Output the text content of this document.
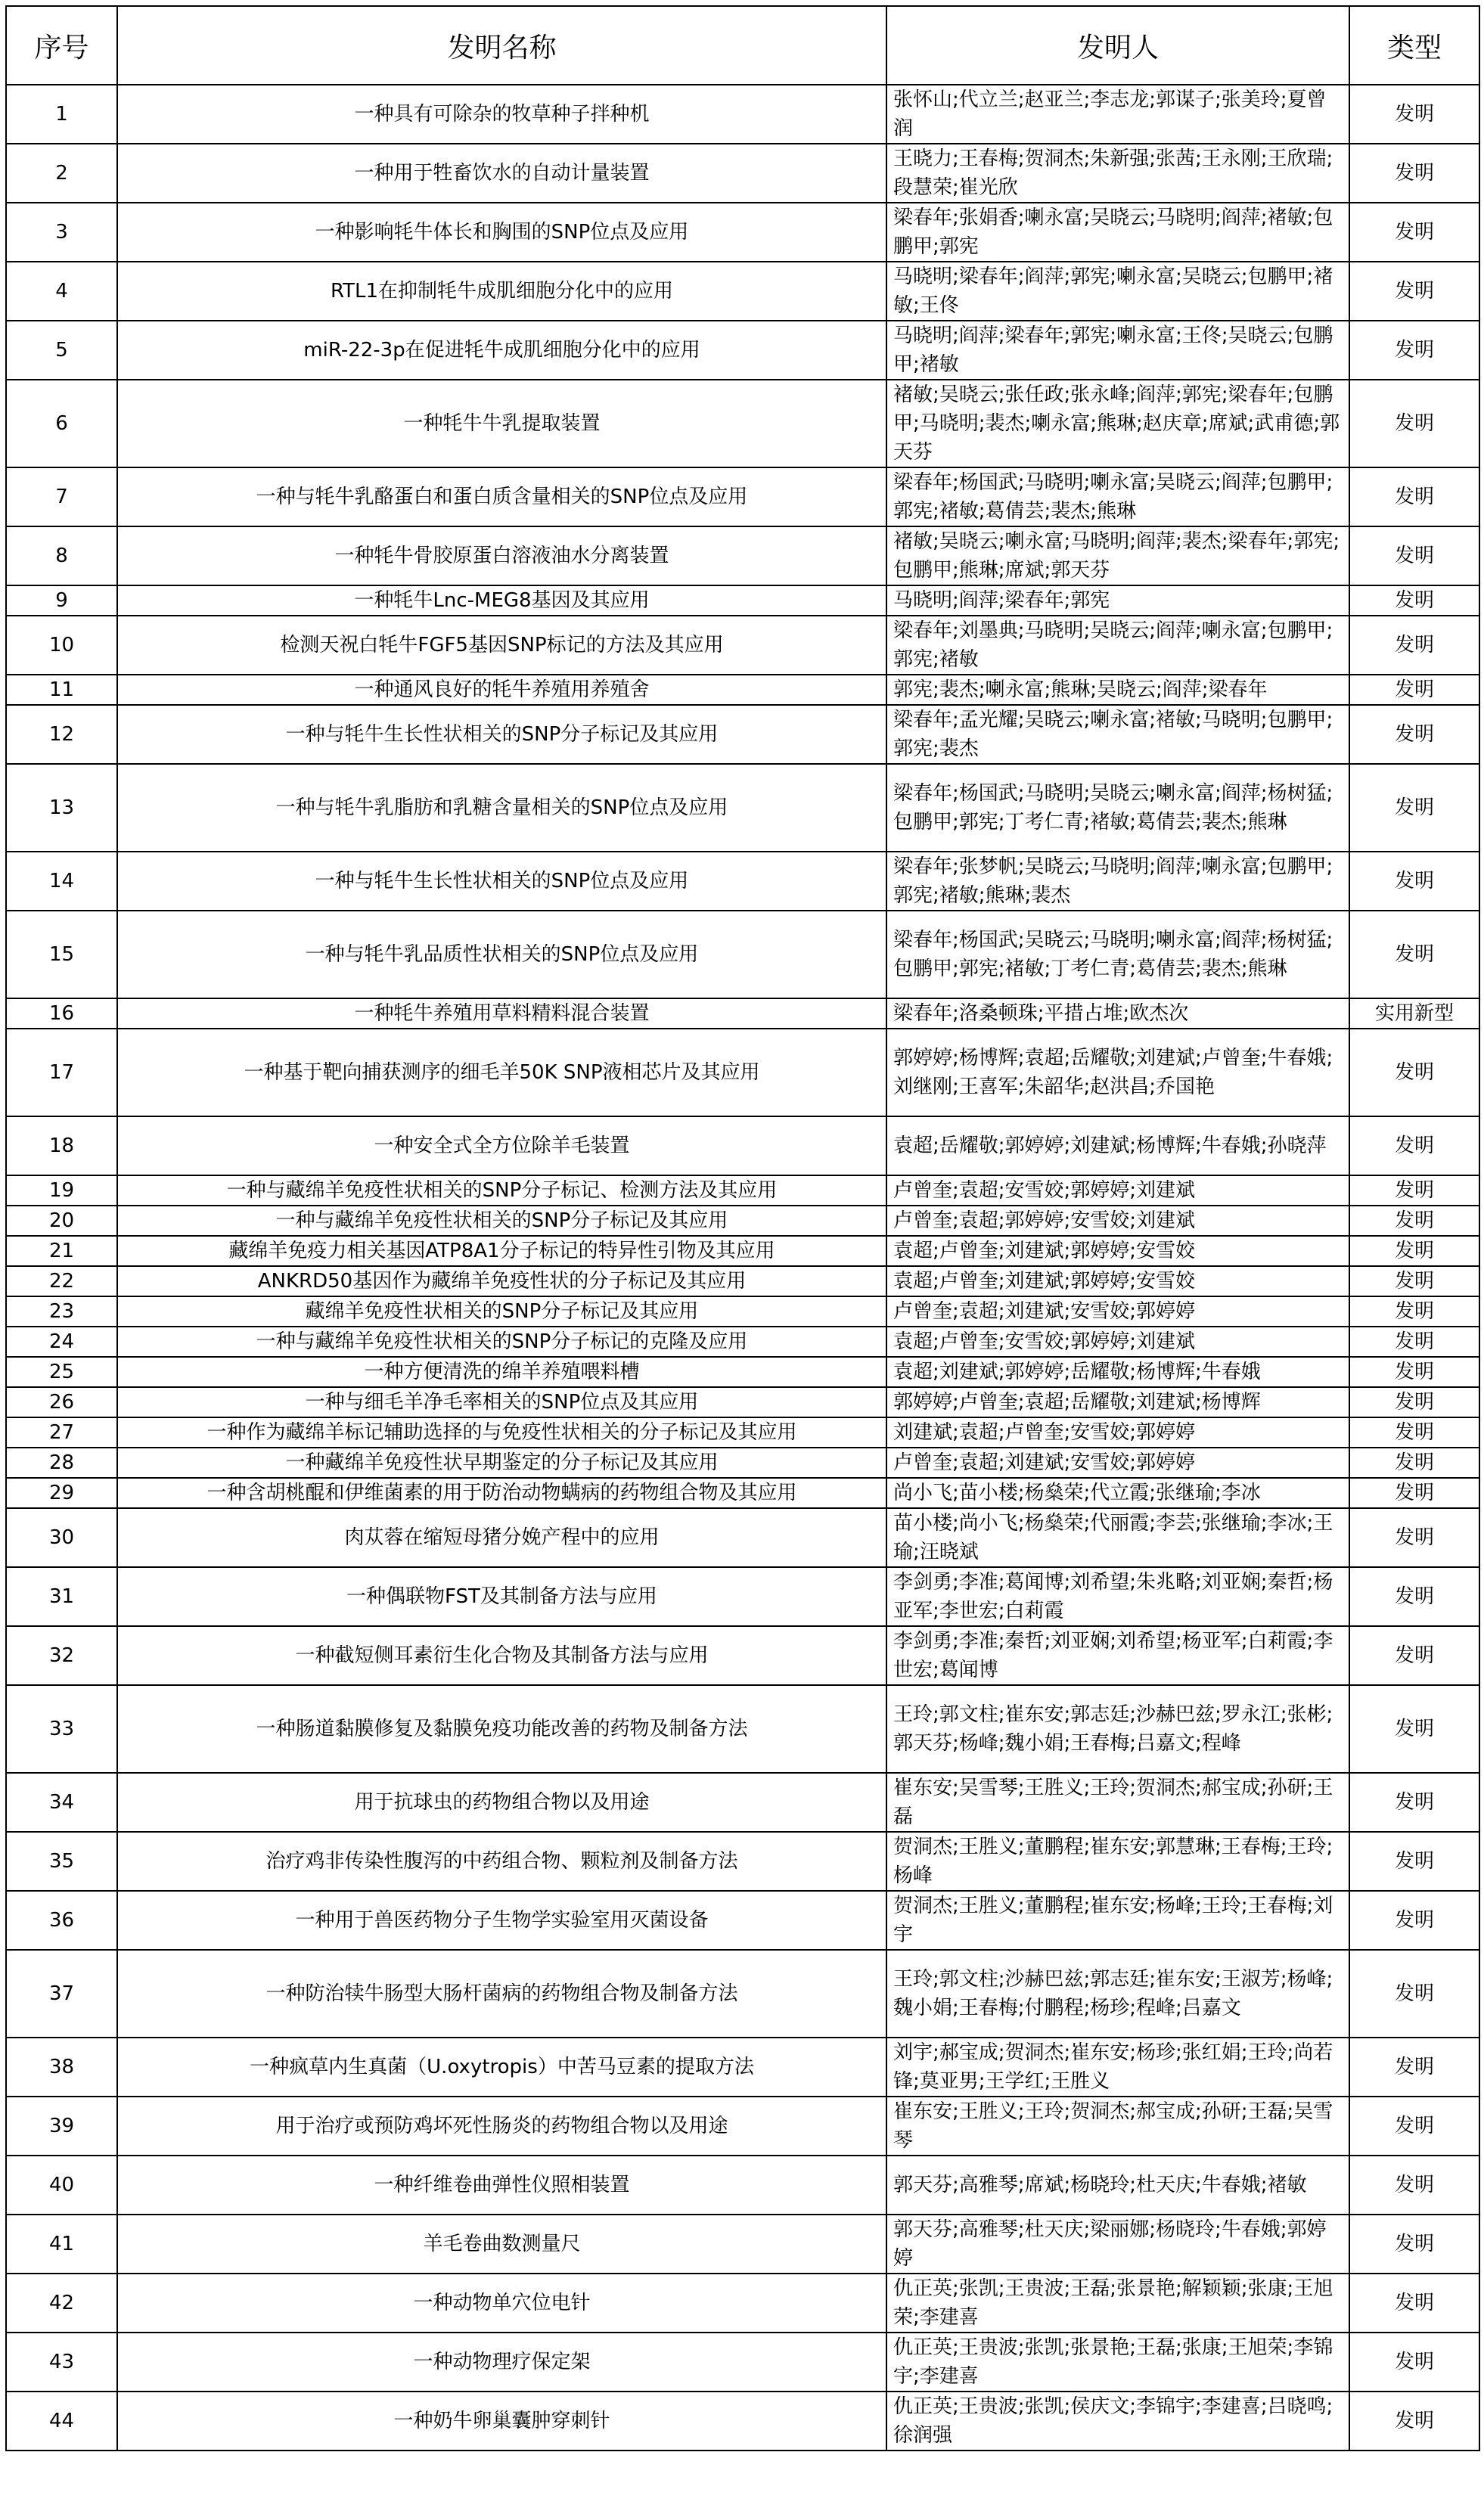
序号	发明名称	发明人	类型
1	一种具有可除杂的牧草种子拌种机	张怀山;代立兰;赵亚兰;李志龙;郭谋子;张美玲;夏曾润	发明
2	一种用于牲畜饮水的自动计量装置	王晓力;王春梅;贺洞杰;朱新强;张茜;王永刚;王欣瑞;段慧荣;崔光欣	发明
3	一种影响牦牛体长和胸围的SNP位点及应用	梁春年;张娟香;喇永富;吴晓云;马晓明;阎萍;褚敏;包鹏甲;郭宪	发明
4	RTL1在抑制牦牛成肌细胞分化中的应用	马晓明;梁春年;阎萍;郭宪;喇永富;吴晓云;包鹏甲;褚敏;王佟	发明
5	miR-22-3p在促进牦牛成肌细胞分化中的应用	马晓明;阎萍;梁春年;郭宪;喇永富;王佟;吴晓云;包鹏甲;褚敏	发明
6	一种牦牛牛乳提取装置	褚敏;吴晓云;张任政;张永峰;阎萍;郭宪;梁春年;包鹏甲;马晓明;裴杰;喇永富;熊琳;赵庆章;席斌;武甫德;郭天芬	发明
7	一种与牦牛乳酪蛋白和蛋白质含量相关的SNP位点及应用	梁春年;杨国武;马晓明;喇永富;吴晓云;阎萍;包鹏甲;郭宪;褚敏;葛倩芸;裴杰;熊琳	发明
8	一种牦牛骨胶原蛋白溶液油水分离装置	褚敏;吴晓云;喇永富;马晓明;阎萍;裴杰;梁春年;郭宪;包鹏甲;熊琳;席斌;郭天芬	发明
9	一种牦牛Lnc-MEG8基因及其应用	马晓明;阎萍;梁春年;郭宪	发明
10	检测天祝白牦牛FGF5基因SNP标记的方法及其应用	梁春年;刘墨典;马晓明;吴晓云;阎萍;喇永富;包鹏甲;郭宪;褚敏	发明
11	一种通风良好的牦牛养殖用养殖舍	郭宪;裴杰;喇永富;熊琳;吴晓云;阎萍;梁春年	发明
12	一种与牦牛生长性状相关的SNP分子标记及其应用	梁春年;孟光耀;吴晓云;喇永富;褚敏;马晓明;包鹏甲;郭宪;裴杰	发明
13	一种与牦牛乳脂肪和乳糖含量相关的SNP位点及应用	梁春年;杨国武;马晓明;吴晓云;喇永富;阎萍;杨树猛;包鹏甲;郭宪;丁考仁青;褚敏;葛倩芸;裴杰;熊琳	发明
14	一种与牦牛生长性状相关的SNP位点及应用	梁春年;张梦帆;吴晓云;马晓明;阎萍;喇永富;包鹏甲;郭宪;褚敏;熊琳;裴杰	发明
15	一种与牦牛乳品质性状相关的SNP位点及应用	梁春年;杨国武;吴晓云;马晓明;喇永富;阎萍;杨树猛;包鹏甲;郭宪;褚敏;丁考仁青;葛倩芸;裴杰;熊琳	发明
16	一种牦牛养殖用草料精料混合装置	梁春年;洛桑顿珠;平措占堆;欧杰次	实用新型
17	一种基于靶向捕获测序的细毛羊50K SNP液相芯片及其应用	郭婷婷;杨博辉;袁超;岳耀敬;刘建斌;卢曾奎;牛春娥;刘继刚;王喜军;朱韶华;赵洪昌;乔国艳	发明
18	一种安全式全方位除羊毛装置	袁超;岳耀敬;郭婷婷;刘建斌;杨博辉;牛春娥;孙晓萍	发明
19	一种与藏绵羊免疫性状相关的SNP分子标记、检测方法及其应用	卢曾奎;袁超;安雪姣;郭婷婷;刘建斌	发明
20	一种与藏绵羊免疫性状相关的SNP分子标记及其应用	卢曾奎;袁超;郭婷婷;安雪姣;刘建斌	发明
21	藏绵羊免疫力相关基因ATP8A1分子标记的特异性引物及其应用	袁超;卢曾奎;刘建斌;郭婷婷;安雪姣	发明
22	ANKRD50基因作为藏绵羊免疫性状的分子标记及其应用	袁超;卢曾奎;刘建斌;郭婷婷;安雪姣	发明
23	藏绵羊免疫性状相关的SNP分子标记及其应用	卢曾奎;袁超;刘建斌;安雪姣;郭婷婷	发明
24	一种与藏绵羊免疫性状相关的SNP分子标记的克隆及应用	袁超;卢曾奎;安雪姣;郭婷婷;刘建斌	发明
25	一种方便清洗的绵羊养殖喂料槽	袁超;刘建斌;郭婷婷;岳耀敬;杨博辉;牛春娥	发明
26	一种与细毛羊净毛率相关的SNP位点及其应用	郭婷婷;卢曾奎;袁超;岳耀敬;刘建斌;杨博辉	发明
27	一种作为藏绵羊标记辅助选择的与免疫性状相关的分子标记及其应用	刘建斌;袁超;卢曾奎;安雪姣;郭婷婷	发明
28	一种藏绵羊免疫性状早期鉴定的分子标记及其应用	卢曾奎;袁超;刘建斌;安雪姣;郭婷婷	发明
29	一种含胡桃醌和伊维菌素的用于防治动物螨病的药物组合物及其应用	尚小飞;苗小楼;杨燊荣;代立霞;张继瑜;李冰	发明
30	肉苁蓉在缩短母猪分娩产程中的应用	苗小楼;尚小飞;杨燊荣;代丽霞;李芸;张继瑜;李冰;王瑜;汪晓斌	发明
31	一种偶联物FST及其制备方法与应用	李剑勇;李准;葛闻博;刘希望;朱兆略;刘亚娴;秦哲;杨亚军;李世宏;白莉霞	发明
32	一种截短侧耳素衍生化合物及其制备方法与应用	李剑勇;李准;秦哲;刘亚娴;刘希望;杨亚军;白莉霞;李世宏;葛闻博	发明
33	一种肠道黏膜修复及黏膜免疫功能改善的药物及制备方法	王玲;郭文柱;崔东安;郭志廷;沙赫巴兹;罗永江;张彬;郭天芬;杨峰;魏小娟;王春梅;吕嘉文;程峰	发明
34	用于抗球虫的药物组合物以及用途	崔东安;吴雪琴;王胜义;王玲;贺洞杰;郝宝成;孙研;王磊	发明
35	治疗鸡非传染性腹泻的中药组合物、颗粒剂及制备方法	贺洞杰;王胜义;董鹏程;崔东安;郭慧琳;王春梅;王玲;杨峰	发明
36	一种用于兽医药物分子生物学实验室用灭菌设备	贺洞杰;王胜义;董鹏程;崔东安;杨峰;王玲;王春梅;刘宇	发明
37	一种防治犊牛肠型大肠杆菌病的药物组合物及制备方法	王玲;郭文柱;沙赫巴兹;郭志廷;崔东安;王淑芳;杨峰;魏小娟;王春梅;付鹏程;杨珍;程峰;吕嘉文	发明
38	一种疯草内生真菌（U.oxytropis）中苦马豆素的提取方法	刘宇;郝宝成;贺洞杰;崔东安;杨珍;张红娟;王玲;尚若锋;莫亚男;王学红;王胜义	发明
39	用于治疗或预防鸡坏死性肠炎的药物组合物以及用途	崔东安;王胜义;王玲;贺洞杰;郝宝成;孙研;王磊;吴雪琴	发明
40	一种纤维卷曲弹性仪照相装置	郭天芬;高雅琴;席斌;杨晓玲;杜天庆;牛春娥;褚敏	发明
41	羊毛卷曲数测量尺	郭天芬;高雅琴;杜天庆;梁丽娜;杨晓玲;牛春娥;郭婷婷	发明
42	一种动物单穴位电针	仇正英;张凯;王贵波;王磊;张景艳;解颖颖;张康;王旭荣;李建喜	发明
43	一种动物理疗保定架	仇正英;王贵波;张凯;张景艳;王磊;张康;王旭荣;李锦宇;李建喜	发明
44	一种奶牛卵巢囊肿穿刺针	仇正英;王贵波;张凯;侯庆文;李锦宇;李建喜;吕晓鸣;徐润强	发明
